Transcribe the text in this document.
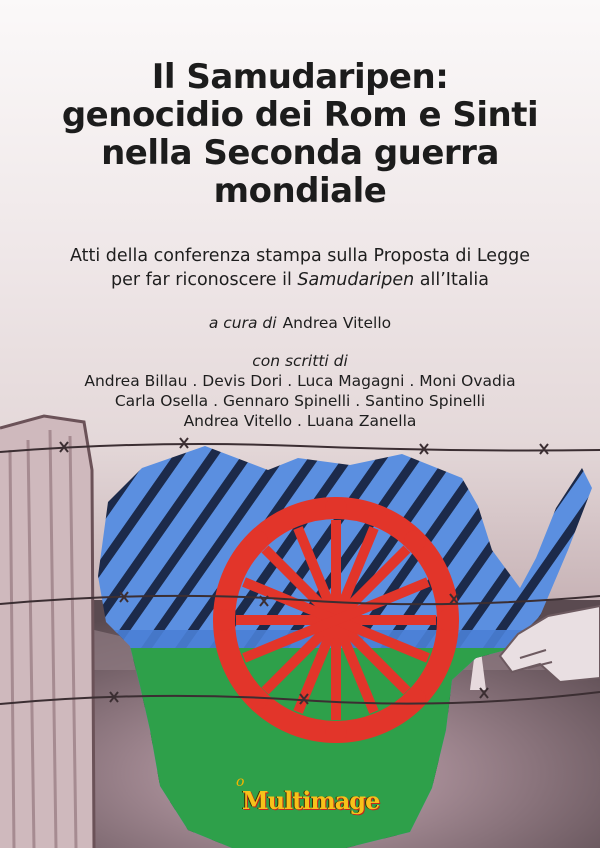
Il Samudaripen:
genocidio dei Rom e Sinti
nella Seconda guerra
mondiale
Atti della conferenza stampa sulla Proposta di Legge
per far riconoscere il Samudaripen all’Italia
a cura di Andrea Vitello
con scritti di
Andrea Billau . Devis Dori . Luca Magagni . Moni Ovadia
Carla Osella . Gennaro Spinelli . Santino Spinelli
Andrea Vitello . Luana Zanella
o
Multimage
